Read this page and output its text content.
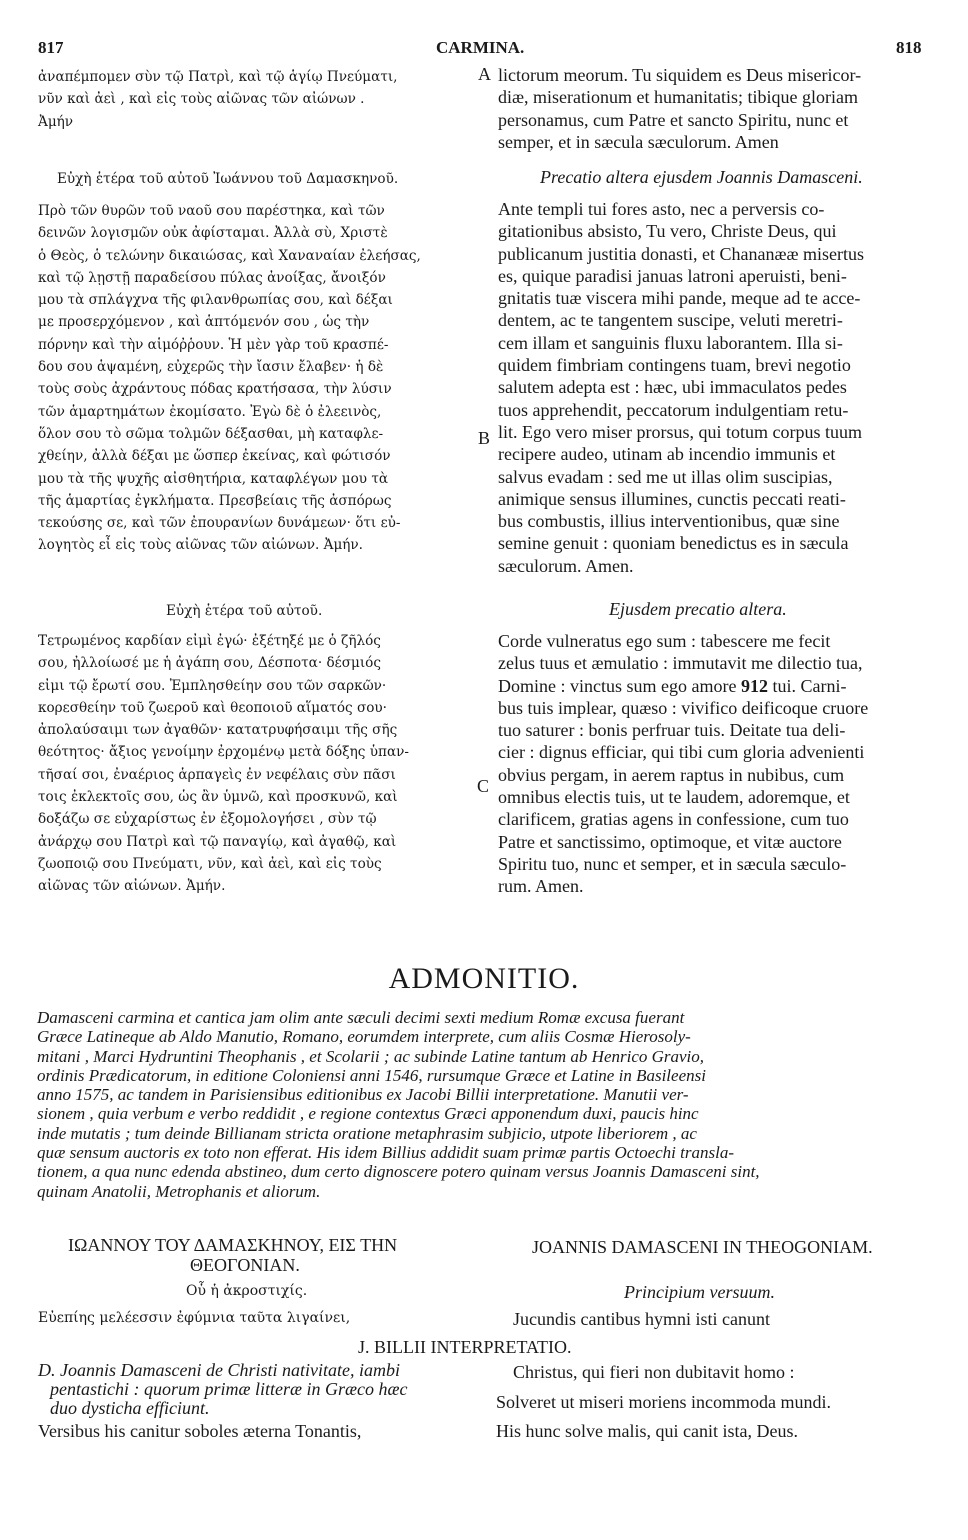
817	CARMINA.	818
A
B
C
ἀναπέμπομεν σὺν τῷ Πατρὶ, καὶ τῷ ἁγίῳ Πνεύματι,
νῦν καὶ ἀεὶ , καὶ εἰς τοὺς αἰῶνας τῶν αἰώνων .
Ἀμήν
Εὐχὴ ἑτέρα τοῦ αὐτοῦ Ἰωάννου τοῦ Δαμασκηνοῦ.
Πρὸ τῶν θυρῶν τοῦ ναοῦ σου παρέστηκα, καὶ τῶν
δεινῶν λογισμῶν οὐκ ἀφίσταμαι. Ἀλλὰ σὺ, Χριστὲ
ὁ Θεὸς, ὁ τελώνην δικαιώσας, καὶ Χαναναίαν ἐλεήσας,
καὶ τῷ λῃστῇ παραδείσου πύλας ἀνοίξας, ἄνοιξόν
μου τὰ σπλάγχνα τῆς φιλανθρωπίας σου, καὶ δέξαι
με προσερχόμενον , καὶ ἁπτόμενόν σου , ὡς τὴν
πόρνην καὶ τὴν αἱμόῤῥουν. Ἡ μὲν γὰρ τοῦ κρασπέ-
δου σου ἁψαμένη, εὐχερῶς τὴν ἴασιν ἔλαβεν· ἡ δὲ
τοὺς σοὺς ἀχράντους πόδας κρατήσασα, τὴν λύσιν
τῶν ἁμαρτημάτων ἐκομίσατο. Ἐγὼ δὲ ὁ ἐλεεινὸς,
ὅλον σου τὸ σῶμα τολμῶν δέξασθαι, μὴ καταφλε-
χθείην, ἀλλὰ δέξαι με ὥσπερ ἐκείνας, καὶ φώτισόν
μου τὰ τῆς ψυχῆς αἰσθητήρια, καταφλέγων μου τὰ
τῆς ἁμαρτίας ἐγκλήματα. Πρεσβείαις τῆς ἀσπόρως
τεκούσης σε, καὶ τῶν ἐπουρανίων δυνάμεων· ὅτι εὐ-
λογητὸς εἶ εἰς τοὺς αἰῶνας τῶν αἰώνων. Ἀμήν.
Εὐχὴ ἑτέρα τοῦ αὐτοῦ.
Τετρωμένος καρδίαν εἰμὶ ἐγώ· ἐξέτηξέ με ὁ ζῆλός
σου, ἠλλοίωσέ με ἡ ἀγάπη σου, Δέσποτα· δέσμιός
εἰμι τῷ ἔρωτί σου. Ἐμπλησθείην σου τῶν σαρκῶν·
κορεσθείην τοῦ ζωεροῦ καὶ θεοποιοῦ αἵματός σου·
ἀπολαύσαιμι των ἀγαθῶν· κατατρυφήσαιμι τῆς σῆς
θεότητος· ἄξιος γενοίμην ἐρχομένῳ μετὰ δόξης ὑπαν-
τῆσαί σοι, ἐναέριος ἁρπαγεὶς ἐν νεφέλαις σὺν πᾶσι
τοις ἐκλεκτοῖς σου, ὡς ἂν ὑμνῶ, καὶ προσκυνῶ, καὶ
δοξάζω σε εὐχαρίστως ἐν ἐξομολογήσει , σὺν τῷ
ἀνάρχῳ σου Πατρὶ καὶ τῷ παναγίῳ, καὶ ἀγαθῷ, καὶ
ζωοποιῷ σου Πνεύματι, νῦν, καὶ ἀεὶ, καὶ εἰς τοὺς
αἰῶνας τῶν αἰώνων. Ἀμήν.
lictorum meorum. Tu siquidem es Deus misericor-
diæ, miserationum et humanitatis; tibique gloriam
personamus, cum Patre et sancto Spiritu, nunc et
semper, et in sæcula sæculorum. Amen
Precatio altera ejusdem Joannis Damasceni.
Ante templi tui fores asto, nec a perversis co-
gitationibus absisto, Tu vero, Christe Deus, qui
publicanum justitia donasti, et Chananææ misertus
es, quique paradisi januas latroni aperuisti, beni-
gnitatis tuæ viscera mihi pande, meque ad te acce-
dentem, ac te tangentem suscipe, veluti meretri-
cem illam et sanguinis fluxu laborantem. Illa si-
quidem fimbriam contingens tuam, brevi negotio
salutem adepta est : hæc, ubi immaculatos pedes
tuos apprehendit, peccatorum indulgentiam retu-
lit. Ego vero miser prorsus, qui totum corpus tuum
recipere audeo, utinam ab incendio immunis et
salvus evadam : sed me ut illas olim suscipias,
animique sensus illumines, cunctis peccati reati-
bus combustis, illius interventionibus, quæ sine
semine genuit : quoniam benedictus es in sæcula
sæculorum. Amen.
Ejusdem precatio altera.
Corde vulneratus ego sum : tabescere me fecit
zelus tuus et æmulatio : immutavit me dilectio tua,
Domine : vinctus sum ego amore 912 tui. Carni-
bus tuis implear, quæso : vivifico deificoque cruore
tuo saturer : bonis perfruar tuis. Deitate tua deli-
cier : dignus efficiar, qui tibi cum gloria advenienti
obvius pergam, in aerem raptus in nubibus, cum
omnibus electis tuis, ut te laudem, adoremque, et
clarificem, gratias agens in confessione, cum tuo
Patre et sanctissimo, optimoque, et vitæ auctore
Spiritu tuo, nunc et semper, et in sæcula sæculo-
rum. Amen.
ADMONITIO.
Damasceni carmina et cantica jam olim ante sæculi decimi sexti medium Romæ excusa fuerant
Græce Latineque ab Aldo Manutio, Romano, eorumdem interprete, cum aliis Cosmæ Hierosoly-
mitani , Marci Hydruntini Theophanis , et Scolarii ; ac subinde Latine tantum ab Henrico Gravio,
ordinis Prædicatorum, in editione Coloniensi anni 1546, rursumque Græce et Latine in Basileensi
anno 1575, ac tandem in Parisiensibus editionibus ex Jacobi Billii interpretatione. Manutii ver-
sionem , quia verbum e verbo reddidit , e regione contextus Græci apponendum duxi, paucis hinc
inde mutatis ; tum deinde Billianam stricta oratione metaphrasim subjicio, utpote liberiorem , ac
quæ sensum auctoris ex toto non efferat. His idem Billius addidit suam primæ partis Octoechi transla-
tionem, a qua nunc edenda abstineo, dum certo dignoscere potero quinam versus Joannis Damasceni sint,
quinam Anatolii, Metrophanis et aliorum.
ΙΩΑΝΝΟΥ ΤΟΥ ΔΑΜΑΣΚΗΝΟΥ, ΕΙΣ ΤΗΝ
ΘΕΟΓΟΝΙΑΝ.
Οὗ ἡ ἀκροστιχίς.
Εὐεπίης μελέεσσιν ἐφύμνια ταῦτα λιγαίνει,
JOANNIS DAMASCENI IN THEOGONIAM.
Principium versuum.
Jucundis cantibus hymni isti canunt
J. BILLII INTERPRETATIO.
D. Joannis Damasceni de Christi nativitate, iambi
pentastichi : quorum primæ litteræ in Græco hæc
duo dysticha efficiunt.
Versibus his canitur soboles æterna Tonantis,
Christus, qui fieri non dubitavit homo :
Solveret ut miseri moriens incommoda mundi.
His hunc solve malis, qui canit ista, Deus.
